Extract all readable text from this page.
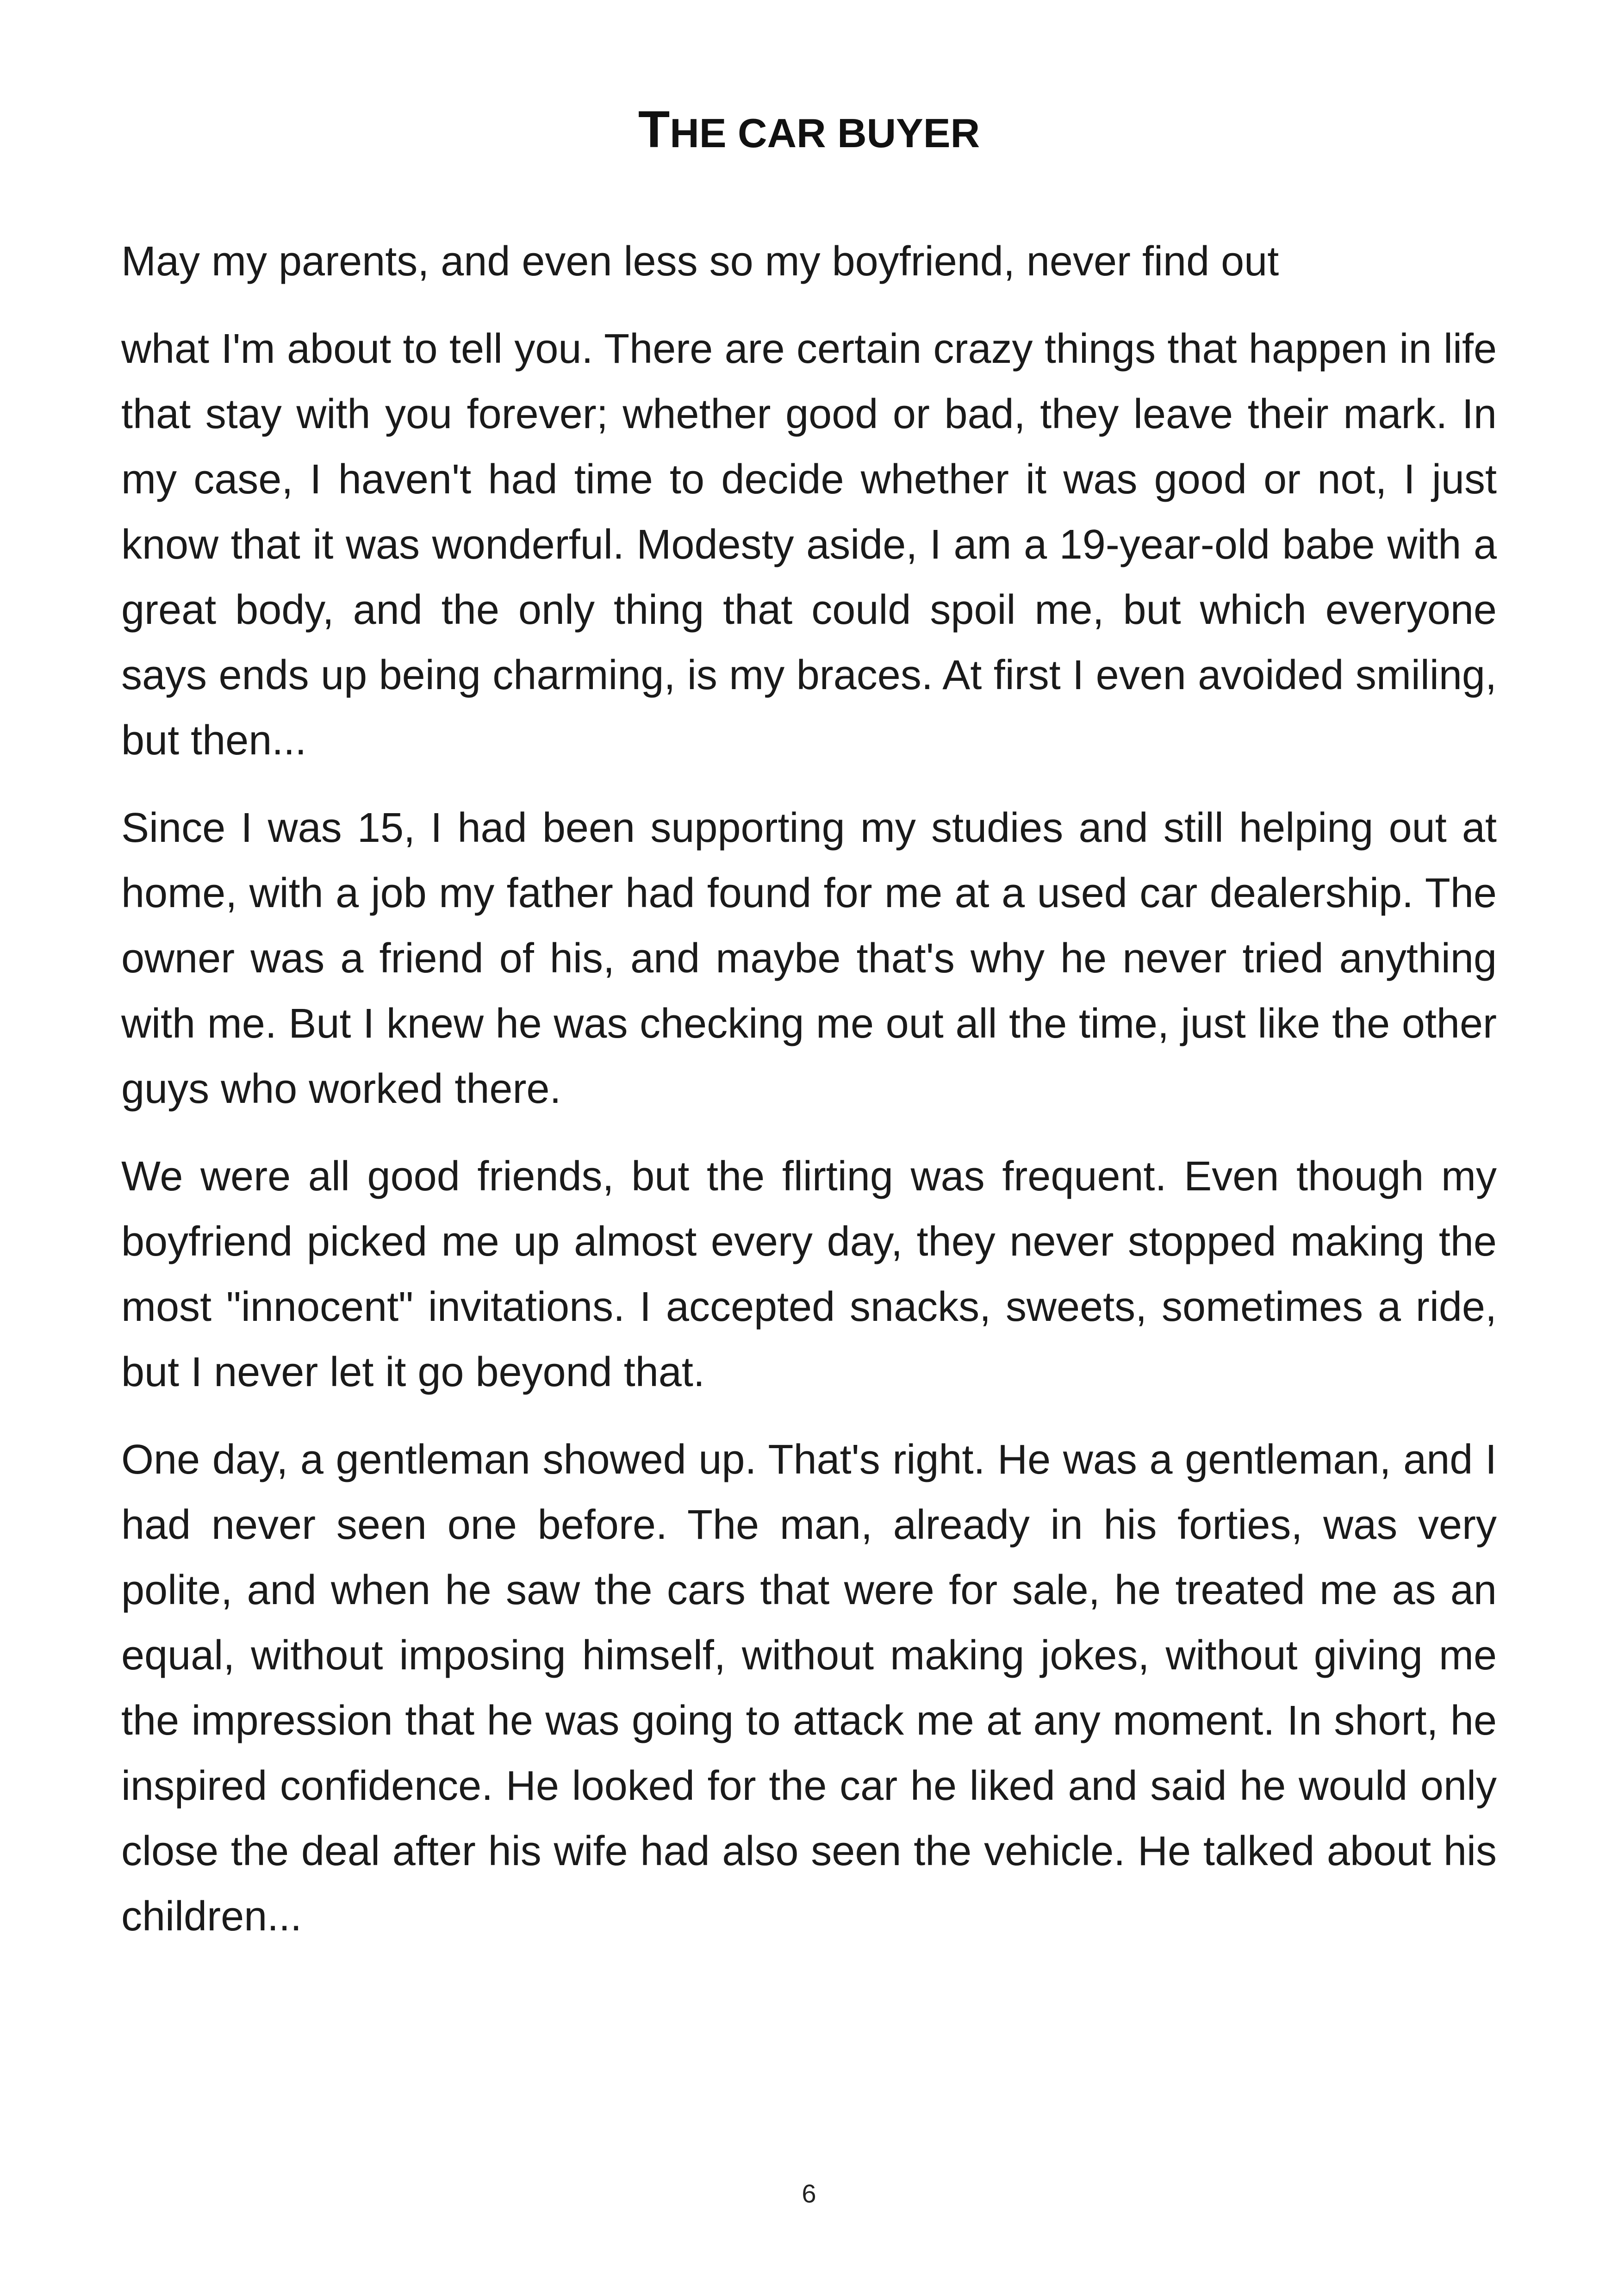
THE CAR BUYER

May my parents, and even less so my boyfriend, never find out

what I'm about to tell you. There are certain crazy things that happen in life that stay with you forever; whether good or bad, they leave their mark. In my case, I haven't had time to decide whether it was good or not, I just know that it was wonderful. Modesty aside, I am a 19-year-old babe with a great body, and the only thing that could spoil me, but which everyone says ends up being charming, is my braces. At first I even avoided smiling, but then...

Since I was 15, I had been supporting my studies and still helping out at home, with a job my father had found for me at a used car dealership. The owner was a friend of his, and maybe that's why he never tried anything with me. But I knew he was checking me out all the time, just like the other guys who worked there.

We were all good friends, but the flirting was frequent. Even though my boyfriend picked me up almost every day, they never stopped making the most "innocent" invitations. I accepted snacks, sweets, sometimes a ride, but I never let it go beyond that.

One day, a gentleman showed up. That's right. He was a gentleman, and I had never seen one before. The man, already in his forties, was very polite, and when he saw the cars that were for sale, he treated me as an equal, without imposing himself, without making jokes, without giving me the impression that he was going to attack me at any moment. In short, he inspired confidence. He looked for the car he liked and said he would only close the deal after his wife had also seen the vehicle. He talked about his children...

6
